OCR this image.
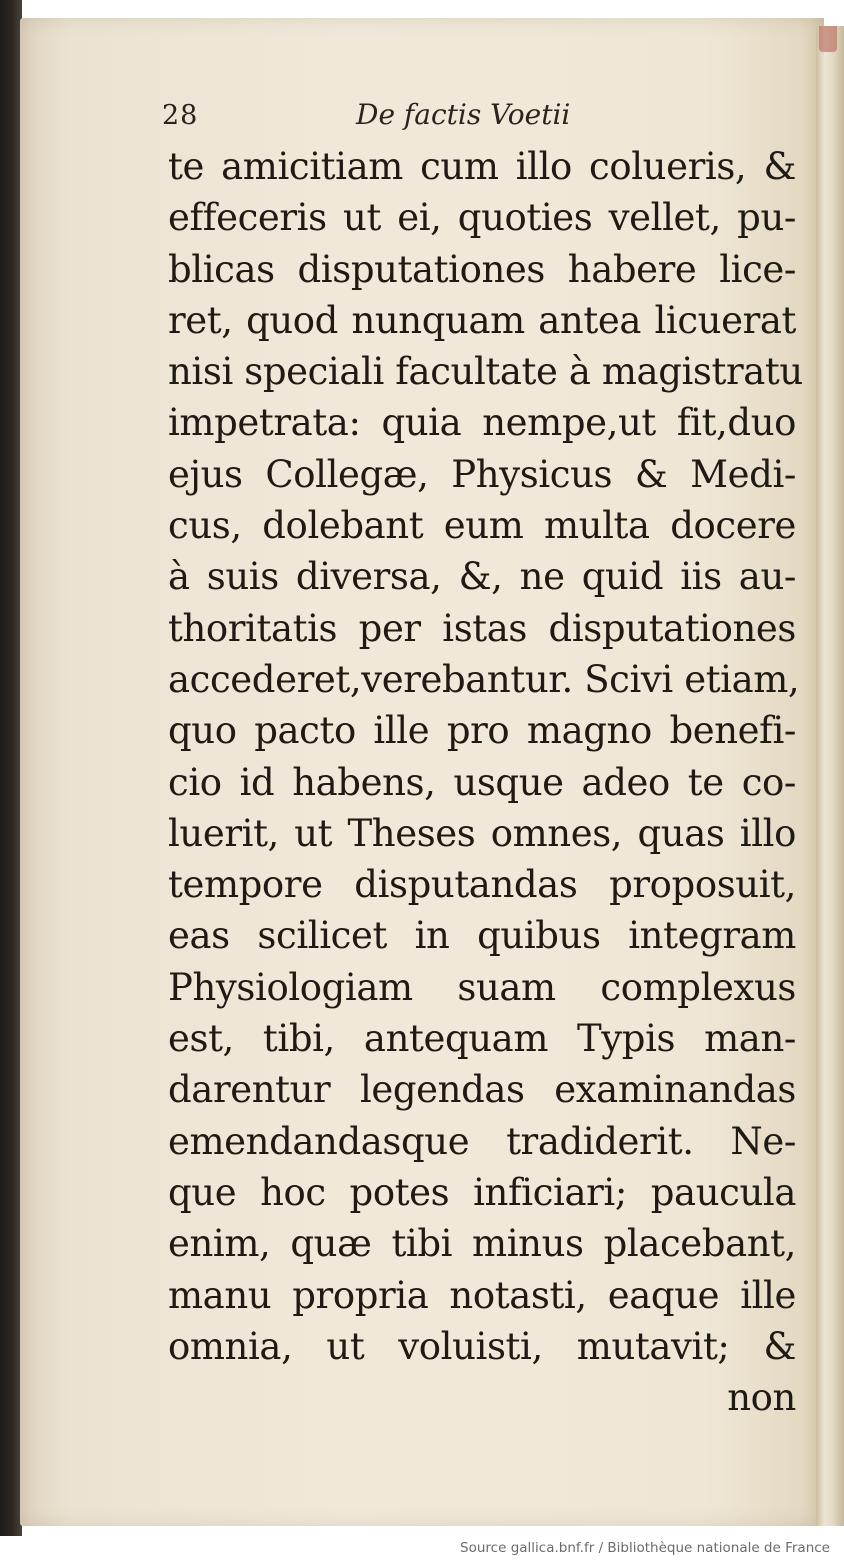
28	De factis Voetii
te amicitiam cum illo colueris, &
effeceris ut ei, quoties vellet, pu-
blicas disputationes habere lice-
ret, quod nunquam antea licuerat
nisi speciali facultate à magistratu
impetrata: quia nempe,ut fit,duo
ejus Collegæ, Physicus & Medi-
cus, dolebant eum multa docere
à suis diversa, &, ne quid iis au-
thoritatis per istas disputationes
accederet,verebantur. Scivi etiam,
quo pacto ille pro magno benefi-
cio id habens, usque adeo te co-
luerit, ut Theses omnes, quas illo
tempore disputandas proposuit,
eas scilicet in quibus integram
Physiologiam suam complexus
est, tibi, antequam Typis man-
darentur legendas examinandas
emendandasque tradiderit. Ne-
que hoc potes inficiari; paucula
enim, quæ tibi minus placebant,
manu propria notasti, eaque ille
omnia, ut voluisti, mutavit; &
non
Source gallica.bnf.fr / Bibliothèque nationale de France
